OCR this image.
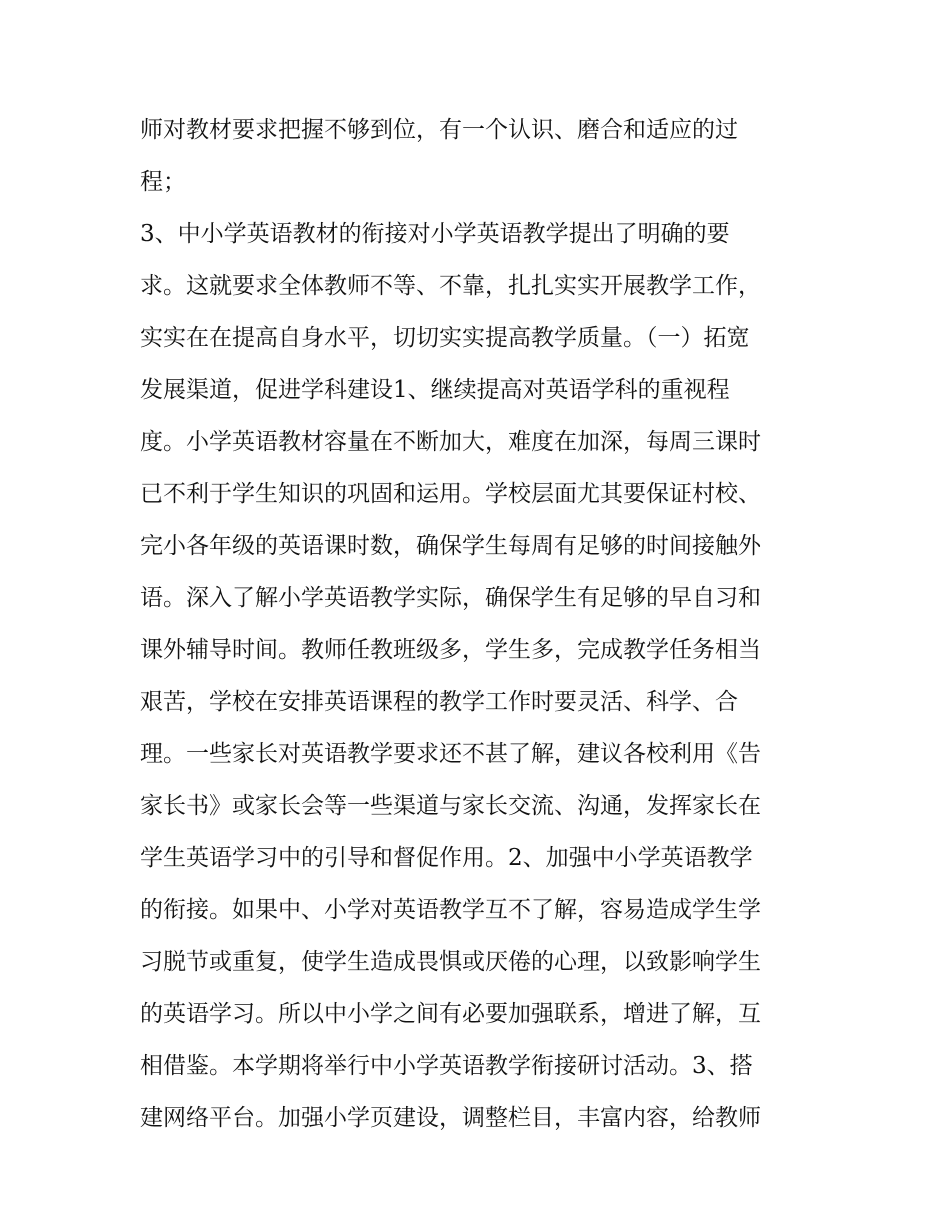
师对教材要求把握不够到位，有一个认识、磨合和适应的过
程；
3、中小学英语教材的衔接对小学英语教学提出了明确的要
求。这就要求全体教师不等、不靠，扎扎实实开展教学工作，
实实在在提高自身水平，切切实实提高教学质量。（一）拓宽
发展渠道，促进学科建设1、继续提高对英语学科的重视程
度。小学英语教材容量在不断加大，难度在加深，每周三课时
已不利于学生知识的巩固和运用。学校层面尤其要保证村校、
完小各年级的英语课时数，确保学生每周有足够的时间接触外
语。深入了解小学英语教学实际，确保学生有足够的早自习和
课外辅导时间。教师任教班级多，学生多，完成教学任务相当
艰苦，学校在安排英语课程的教学工作时要灵活、科学、合
理。一些家长对英语教学要求还不甚了解，建议各校利用《告
家长书》或家长会等一些渠道与家长交流、沟通，发挥家长在
学生英语学习中的引导和督促作用。2、加强中小学英语教学
的衔接。如果中、小学对英语教学互不了解，容易造成学生学
习脱节或重复，使学生造成畏惧或厌倦的心理，以致影响学生
的英语学习。所以中小学之间有必要加强联系，增进了解，互
相借鉴。本学期将举行中小学英语教学衔接研讨活动。3、搭
建网络平台。加强小学页建设，调整栏目，丰富内容，给教师
